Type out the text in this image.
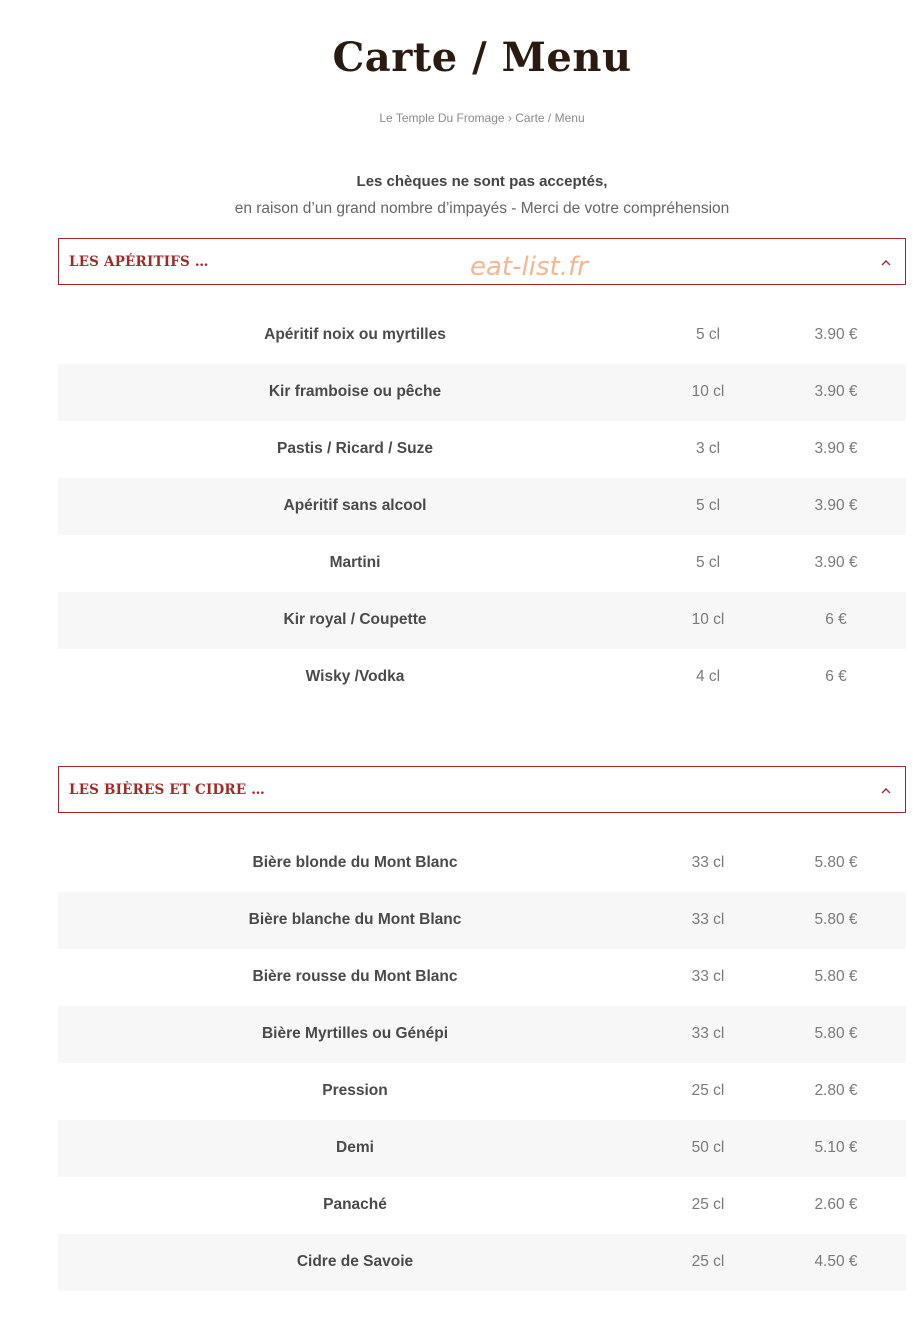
Carte / Menu
Le Temple Du Fromage › Carte / Menu
Les chèques ne sont pas acceptés,
en raison d’un grand nombre d’impayés - Merci de votre compréhension
LES APÉRITIFS …	eat-list.fr
Apéritif noix ou myrtilles	5 cl	3.90 €
Kir framboise ou pêche	10 cl	3.90 €
Pastis / Ricard / Suze	3 cl	3.90 €
Apéritif sans alcool	5 cl	3.90 €
Martini	5 cl	3.90 €
Kir royal / Coupette	10 cl	6 €
Wisky /Vodka	4 cl	6 €
LES BIÈRES ET CIDRE …
Bière blonde du Mont Blanc	33 cl	5.80 €
Bière blanche du Mont Blanc	33 cl	5.80 €
Bière rousse du Mont Blanc	33 cl	5.80 €
Bière Myrtilles ou Génépi	33 cl	5.80 €
Pression	25 cl	2.80 €
Demi	50 cl	5.10 €
Panaché	25 cl	2.60 €
Cidre de Savoie	25 cl	4.50 €
